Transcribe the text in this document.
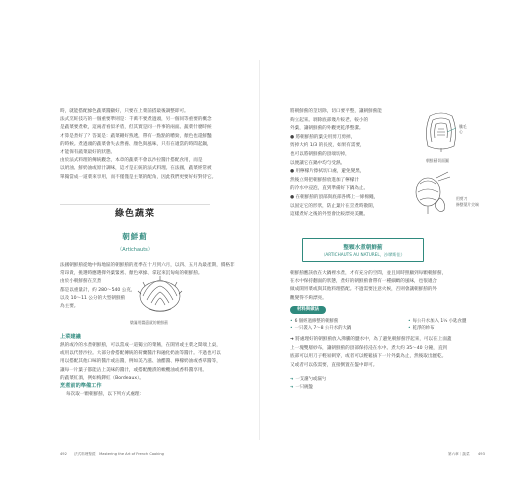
時，就能搭配綠色蔬菜醬顯好，只要在上菜前搭最後調整即可。
法式烹飪技巧的一個重要準則是：千萬不要煮過頭，另一個同等重要的概念
是蔬菜要煮軟，這兩者看似矛盾，但其實是同一件事的兩面。蔬菜什麼時候
才算是煮好了？答案是：蔬菜剛好熟透，帶有一點點的嚼勁，顏色也還鮮豔
的時候。煮過頭的蔬菜會失去營養、顏色與風味，只有在適當的時間起鍋，
才能保有蔬菜最好的狀態。
由於法式料理的傳統觀念，本章的蔬菜不會以沙拉醬汁搭配食用，而是
以奶油、鮮奶油或原汁調味，這才是正統的法式料理。在法國，蔬菜經常被
單獨當成一道菜來享用，而不僅僅是主菜的配角，因此我們更要好好對待它。
綠色蔬菜
朝鮮薊
（Artichauts）
法國朝鮮薊從地中海地區的朝鮮薊的產季在十月到六月，以四、五月為最產期，價格非
常昂貴，挑選時應選擇外葉緊密、顏色翠綠、拿起來沉甸甸的朝鮮薊。
由於小朝鮮薊在烹煮
都是以重量計，約 280～540 公克，
以及 10～11 公分的大型朝鮮薊
為主要。
燉滿用醬還就的朝鮮薊
上菜建議
熱的或冷的水煮朝鮮薊，可以當成一道獨立的菜餚，在開胃或主菜之間端上桌，
或用以代替沙拉。大部分會搭配傳統的荷蘭醬汁和融化奶油等醬汁。不過也可以
用以搭配其他口味的醬汁或沾醬，例如美乃滋、油醋醬、檸檬奶油或香草醬等，
讓每一片葉子都能沾上美味的醬汁，或搭配醃漬的橄欖油或香料醬享用。
的蔬菜紅酒，例如梅鐸紅（Bordeaux）。
烹煮前的準備工作
每次取一顆朝鮮薊，以下列方式處理：
492 法式料理聖經　Mastering the Art of French Cooking
將朝鮮薊的莖切除，切口要平整，讓朝鮮薊能
夠立起來。剝除底部幾片較老、較小的
外葉，讓朝鮮薊的外觀更乾淨整潔。
● 將朝鮮薊的葉尖用剪刀剪掉，
剪掉大約 1/3 的長度，如果有需要，
也可以將朝鮮薊的頂端切掉，
以便讓它在鍋中均勻受熱。
● 用檸檬片擦拭切口處，避免變黑，
然後立刻把朝鮮薊放進加了檸檬汁
的冷水中浸泡，直到準備好下鍋為止。
● 在朝鮮薊的頂部與底部各綁上一條棉繩，
以固定它的形狀，防止葉片在烹煮時散開，
這樣煮好之後的外型會比較漂亮美觀。
纖毛心
朝鮮薊切面圖
用剪刀
修整葉片尖端
整顆水煮朝鮮薊
（ARTICHAUTS AU NATUREL，沙嗲斯佳）
朝鮮薊應該放在大鍋裡水煮，才有充分的空間，並且同時照顧到每顆朝鮮薊，
在水中保持翻面的狀態，煮好的朝鮮薊會帶有一種細緻的風味，也很適合
做成開胃菜或與其他料理搭配。不過需要注意火候，否則會讓朝鮮薊的外
觀變得不夠漂亮。
材料與做法
• 6 個經過修整的朝鮮薊
• 一只裝入 7～8 公升水的大鍋
• 每公升水加入 1½ 小匙食鹽
• 乾淨的紗布
➜ 將處理好的朝鮮薊放入沸騰的鹽水中，為了避免朝鮮薊浮起來，可以在上面蓋
上一塊雙層紗布，讓朝鮮薊的頂部保持浸在水中。煮大約 35～40 分鐘，直到
底部可以用刀子輕易刺穿，或者可以輕鬆拔下一片外葉為止，然後取出瀝乾。
又或者可以依需要，直接倒置在盤中即可。
➜ 一支濾勺或漏勺
➜ 一只碗盤
第六章｜蔬菜 493
